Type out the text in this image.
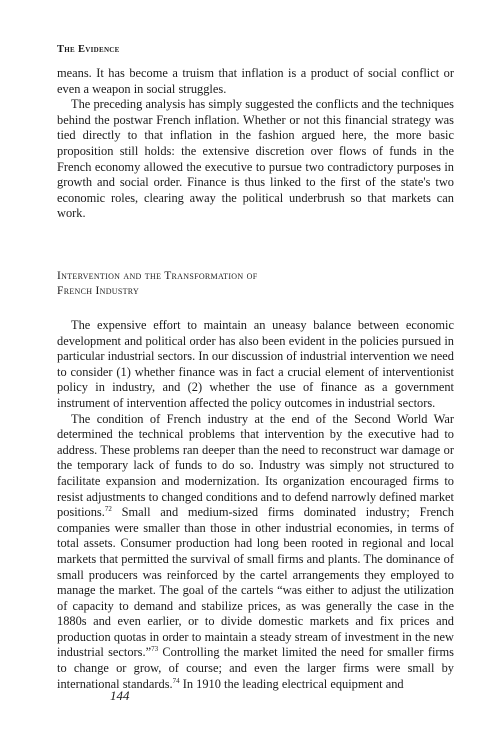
The Evidence

means. It has become a truism that inflation is a product of social conflict or even a weapon in social struggles.

The preceding analysis has simply suggested the conflicts and the techniques behind the postwar French inflation. Whether or not this financial strategy was tied directly to that inflation in the fashion argued here, the more basic proposition still holds: the extensive discretion over flows of funds in the French economy allowed the executive to pursue two contradictory purposes in growth and social order. Finance is thus linked to the first of the state's two economic roles, clearing away the political underbrush so that markets can work.

Intervention and the Transformation of
French Industry

The expensive effort to maintain an uneasy balance between economic development and political order has also been evident in the policies pursued in particular industrial sectors. In our discussion of industrial intervention we need to consider (1) whether finance was in fact a crucial element of interventionist policy in industry, and (2) whether the use of finance as a government instrument of intervention affected the policy outcomes in industrial sectors.

The condition of French industry at the end of the Second World War determined the technical problems that intervention by the executive had to address. These problems ran deeper than the need to reconstruct war damage or the temporary lack of funds to do so. Industry was simply not structured to facilitate expansion and modernization. Its organization encouraged firms to resist adjustments to changed conditions and to defend narrowly defined market positions.$^{72}$ Small and medium-sized firms dominated industry; French companies were smaller than those in other industrial economies, in terms of total assets. Consumer production had long been rooted in regional and local markets that permitted the survival of small firms and plants. The dominance of small producers was reinforced by the cartel arrangements they employed to manage the market. The goal of the cartels “was either to adjust the utilization of capacity to demand and stabilize prices, as was generally the case in the 1880s and even earlier, or to divide domestic markets and fix prices and production quotas in order to maintain a steady stream of investment in the new industrial sectors.”$^{73}$ Controlling the market limited the need for smaller firms to change or grow, of course; and even the larger firms were small by international standards.$^{74}$ In 1910 the leading electrical equipment and

144
